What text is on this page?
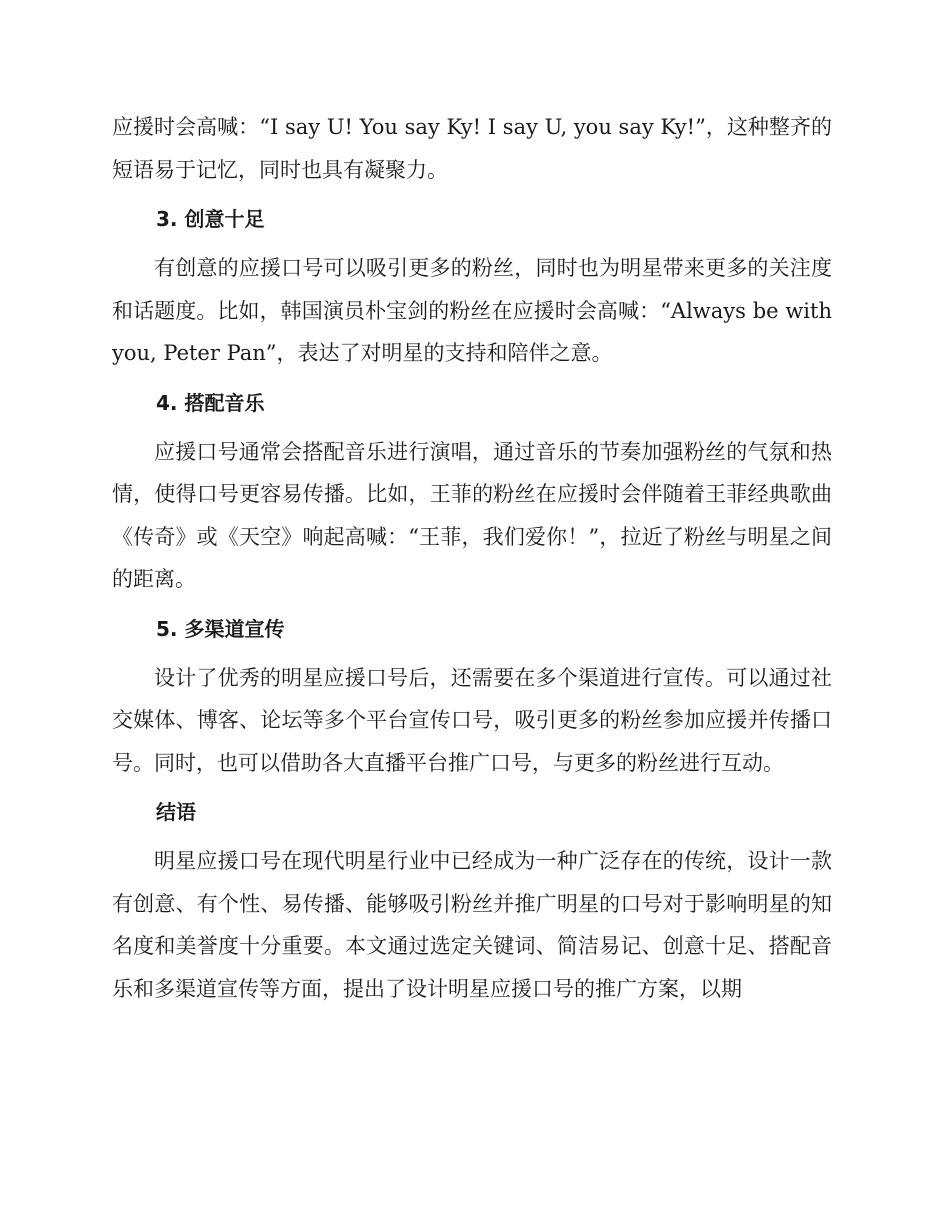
应援时会高喊：“I say U! You say Ky! I say U, you say Ky!”，这种整齐的短语易于记忆，同时也具有凝聚力。

3. 创意十足

有创意的应援口号可以吸引更多的粉丝，同时也为明星带来更多的关注度和话题度。比如，韩国演员朴宝剑的粉丝在应援时会高喊：“Always be with you, Peter Pan”，表达了对明星的支持和陪伴之意。

4. 搭配音乐

应援口号通常会搭配音乐进行演唱，通过音乐的节奏加强粉丝的气氛和热情，使得口号更容易传播。比如，王菲的粉丝在应援时会伴随着王菲经典歌曲《传奇》或《天空》响起高喊：“王菲，我们爱你！”，拉近了粉丝与明星之间的距离。

5. 多渠道宣传

设计了优秀的明星应援口号后，还需要在多个渠道进行宣传。可以通过社交媒体、博客、论坛等多个平台宣传口号，吸引更多的粉丝参加应援并传播口号。同时，也可以借助各大直播平台推广口号，与更多的粉丝进行互动。

结语

明星应援口号在现代明星行业中已经成为一种广泛存在的传统，设计一款有创意、有个性、易传播、能够吸引粉丝并推广明星的口号对于影响明星的知名度和美誉度十分重要。本文通过选定关键词、简洁易记、创意十足、搭配音乐和多渠道宣传等方面，提出了设计明星应援口号的推广方案，以期
